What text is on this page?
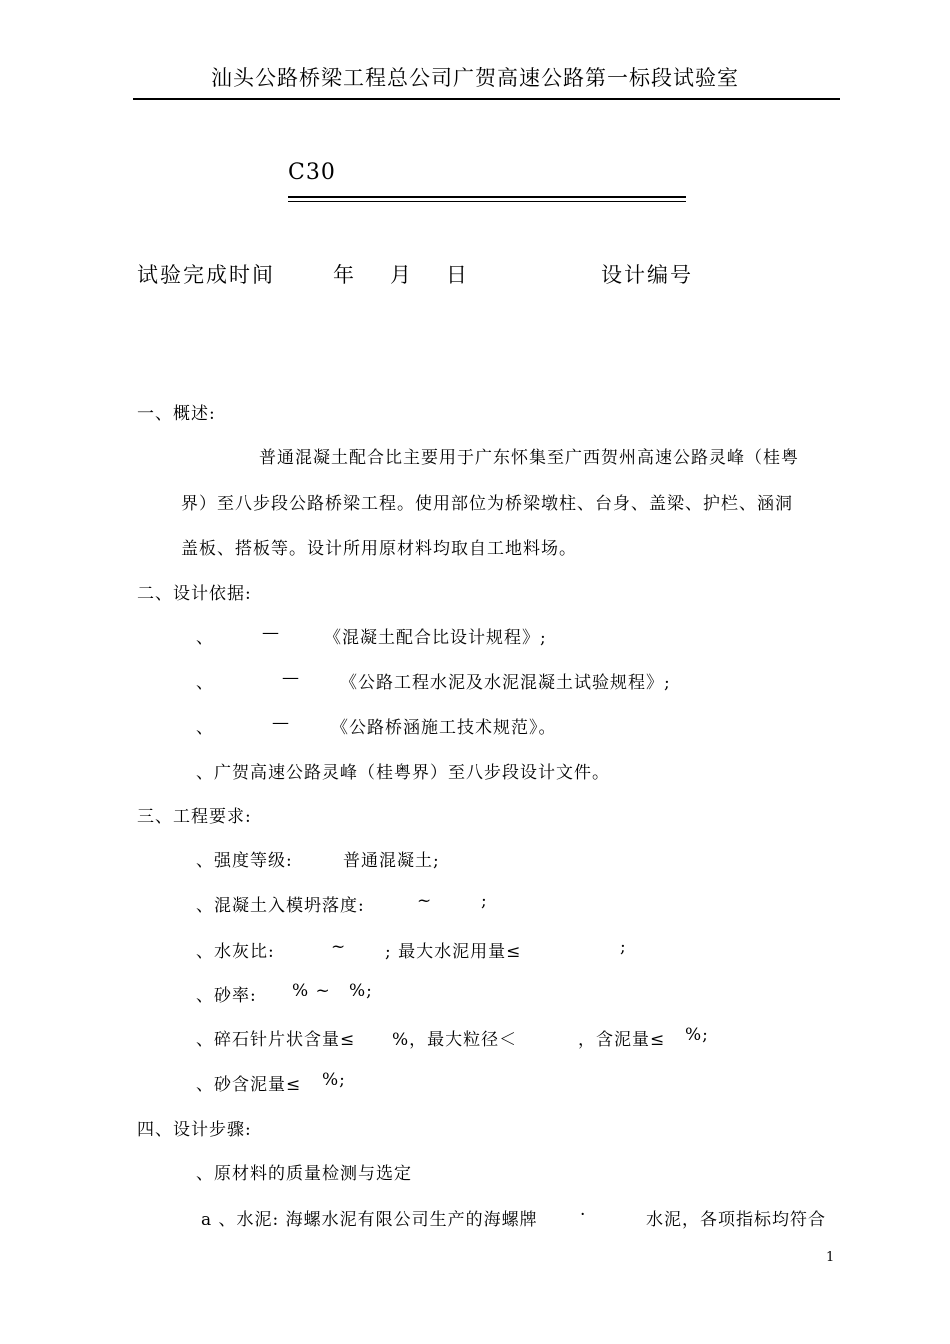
汕头公路桥梁工程总公司广贺高速公路第一标段试验室
C30
试验完成时间	年 月 日	设计编号
一、概述:
普通混凝土配合比主要用于广东怀集至广西贺州高速公路灵峰（桂粤
界）至八步段公路桥梁工程。使用部位为桥梁墩柱、台身、盖梁、护栏、涵洞
盖板、搭板等。设计所用原材料均取自工地料场。
二、设计依据:
、	—	《混凝土配合比设计规程》;
、	— 《公路工程水泥及水泥混凝土试验规程》;
、	— 《公路桥涵施工技术规范》。
、广贺高速公路灵峰（桂粤界）至八步段设计文件。
三、工程要求:
、强度等级:	普通混凝土;
、混凝土入模坍落度:	~	;
、水灰比:	~ ; 最大水泥用量≤	;
、砂率: % ~ %;
、碎石针片状含量≤ %，最大粒径＜	，含泥量≤ %;
、砂含泥量≤ %;
四、设计步骤:
、原材料的质量检测与选定
a 、水泥: 海螺水泥有限公司生产的海螺牌 ·	水泥，各项指标均符合
1
